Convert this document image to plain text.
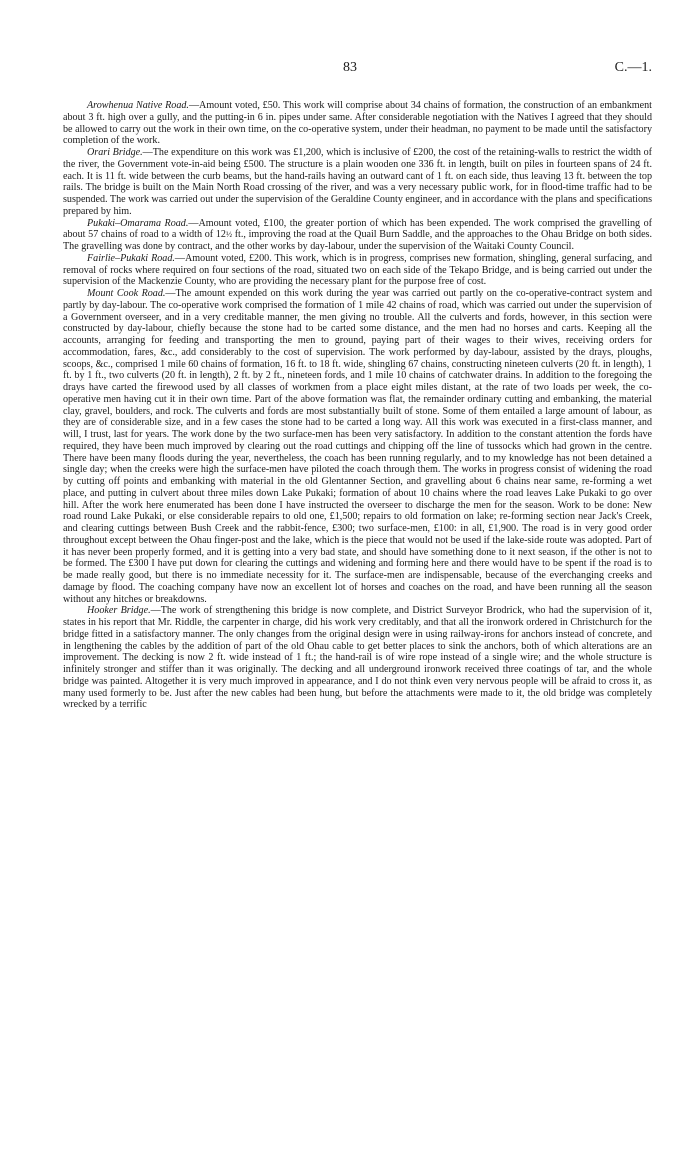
83	C.—1.

Arowhenua Native Road.—Amount voted, £50. This work will comprise about 34 chains of formation, the construction of an embankment about 3 ft. high over a gully, and the putting-in 6 in. pipes under same. After considerable negotiation with the Natives I agreed that they should be allowed to carry out the work in their own time, on the co-operative system, under their headman, no payment to be made until the satisfactory completion of the work.

Orari Bridge.—The expenditure on this work was £1,200, which is inclusive of £200, the cost of the retaining-walls to restrict the width of the river, the Government vote-in-aid being £500. The structure is a plain wooden one 336 ft. in length, built on piles in fourteen spans of 24 ft. each. It is 11 ft. wide between the curb beams, but the hand-rails having an outward cant of 1 ft. on each side, thus leaving 13 ft. between the top rails. The bridge is built on the Main North Road crossing of the river, and was a very necessary public work, for in flood-time traffic had to be suspended. The work was carried out under the supervision of the Geraldine County engineer, and in accordance with the plans and specifications prepared by him.

Pukaki–Omarama Road.—Amount voted, £100, the greater portion of which has been expended. The work comprised the gravelling of about 57 chains of road to a width of 12½ ft., improving the road at the Quail Burn Saddle, and the approaches to the Ohau Bridge on both sides. The gravelling was done by contract, and the other works by day-labour, under the supervision of the Waitaki County Council.

Fairlie–Pukaki Road.—Amount voted, £200. This work, which is in progress, comprises new formation, shingling, general surfacing, and removal of rocks where required on four sections of the road, situated two on each side of the Tekapo Bridge, and is being carried out under the supervision of the Mackenzie County, who are providing the necessary plant for the purpose free of cost.

Mount Cook Road.—The amount expended on this work during the year was carried out partly on the co-operative-contract system and partly by day-labour. The co-operative work comprised the formation of 1 mile 42 chains of road, which was carried out under the supervision of a Government overseer, and in a very creditable manner, the men giving no trouble. All the culverts and fords, however, in this section were constructed by day-labour, chiefly because the stone had to be carted some distance, and the men had no horses and carts. Keeping all the accounts, arranging for feeding and transporting the men to ground, paying part of their wages to their wives, receiving orders for accommodation, fares, &c., add considerably to the cost of supervision. The work performed by day-labour, assisted by the drays, ploughs, scoops, &c., comprised 1 mile 60 chains of formation, 16 ft. to 18 ft. wide, shingling 67 chains, constructing nineteen culverts (20 ft. in length), 1 ft. by 1 ft., two culverts (20 ft. in length), 2 ft. by 2 ft., nineteen fords, and 1 mile 10 chains of catchwater drains. In addition to the foregoing the drays have carted the firewood used by all classes of workmen from a place eight miles distant, at the rate of two loads per week, the co-operative men having cut it in their own time. Part of the above formation was flat, the remainder ordinary cutting and embanking, the material clay, gravel, boulders, and rock. The culverts and fords are most substantially built of stone. Some of them entailed a large amount of labour, as they are of considerable size, and in a few cases the stone had to be carted a long way. All this work was executed in a first-class manner, and will, I trust, last for years. The work done by the two surface-men has been very satisfactory. In addition to the constant attention the fords have required, they have been much improved by clearing out the road cuttings and chipping off the line of tussocks which had grown in the centre. There have been many floods during the year, nevertheless, the coach has been running regularly, and to my knowledge has not been detained a single day; when the creeks were high the surface-men have piloted the coach through them. The works in progress consist of widening the road by cutting off points and embanking with material in the old Glentanner Section, and gravelling about 6 chains near same, re-forming a wet place, and putting in culvert about three miles down Lake Pukaki; formation of about 10 chains where the road leaves Lake Pukaki to go over hill. After the work here enumerated has been done I have instructed the overseer to discharge the men for the season. Work to be done: New road round Lake Pukaki, or else considerable repairs to old one, £1,500; repairs to old formation on lake; re-forming section near Jack's Creek, and clearing cuttings between Bush Creek and the rabbit-fence, £300; two surface-men, £100: in all, £1,900. The road is in very good order throughout except between the Ohau finger-post and the lake, which is the piece that would not be used if the lake-side route was adopted. Part of it has never been properly formed, and it is getting into a very bad state, and should have something done to it next season, if the other is not to be formed. The £300 I have put down for clearing the cuttings and widening and forming here and there would have to be spent if the road is to be made really good, but there is no immediate necessity for it. The surface-men are indispensable, because of the everchanging creeks and damage by flood. The coaching company have now an excellent lot of horses and coaches on the road, and have been running all the season without any hitches or breakdowns.

Hooker Bridge.—The work of strengthening this bridge is now complete, and District Surveyor Brodrick, who had the supervision of it, states in his report that Mr. Riddle, the carpenter in charge, did his work very creditably, and that all the ironwork ordered in Christchurch for the bridge fitted in a satisfactory manner. The only changes from the original design were in using railway-irons for anchors instead of concrete, and in lengthening the cables by the addition of part of the old Ohau cable to get better places to sink the anchors, both of which alterations are an improvement. The decking is now 2 ft. wide instead of 1 ft.; the hand-rail is of wire rope instead of a single wire; and the whole structure is infinitely stronger and stiffer than it was originally. The decking and all underground ironwork received three coatings of tar, and the whole bridge was painted. Altogether it is very much improved in appearance, and I do not think even very nervous people will be afraid to cross it, as many used formerly to be. Just after the new cables had been hung, but before the attachments were made to it, the old bridge was completely wrecked by a terrific
